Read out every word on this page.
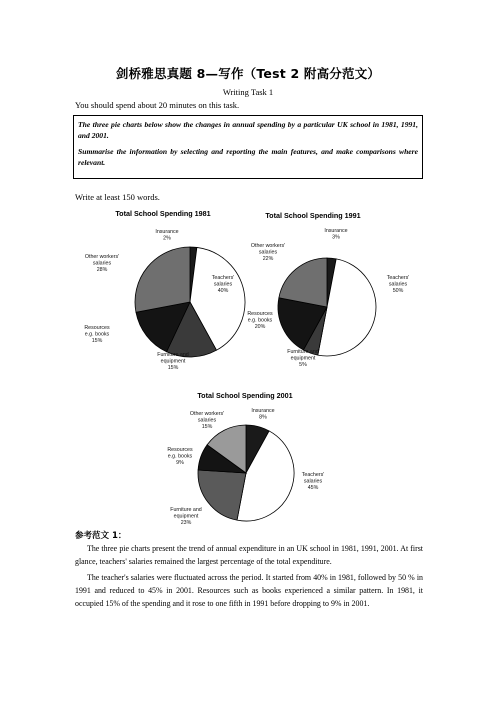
剑桥雅思真题 8—写作（Test 2 附高分范文）
Writing Task 1
You should spend about 20 minutes on this task.

The three pie charts below show the changes in annual spending by a particular UK school in 1981, 1991, and 2001.

Summarise the information by selecting and reporting the main features, and make comparisons where relevant.

Write at least 150 words.
Total School Spending 1981
Insurance 2%
Teachers' salaries 40%
Furniture and equipment 15%
Resources e.g. books 15%
Other workers' salaries 28%
Total School Spending 1991
Insurance 3%
Teachers' salaries 50%
Furniture and equipment 5%
Resources e.g. books 20%
Other workers' salaries 22%
Total School Spending 2001
Insurance 8%
Teachers' salaries 45%
Furniture and equipment 23%
Resources e.g. books 9%
Other workers' salaries 15%
参考范文 1：

The three pie charts present the trend of annual expenditure in an UK school in 1981, 1991, 2001. At first glance, teachers' salaries remained the largest percentage of the total expenditure.

The teacher's salaries were fluctuated across the period. It started from 40% in 1981, followed by 50 % in 1991 and reduced to 45% in 2001. Resources such as books experienced a similar pattern. In 1981, it occupied 15% of the spending and it rose to one fifth in 1991 before dropping to 9% in 2001.
